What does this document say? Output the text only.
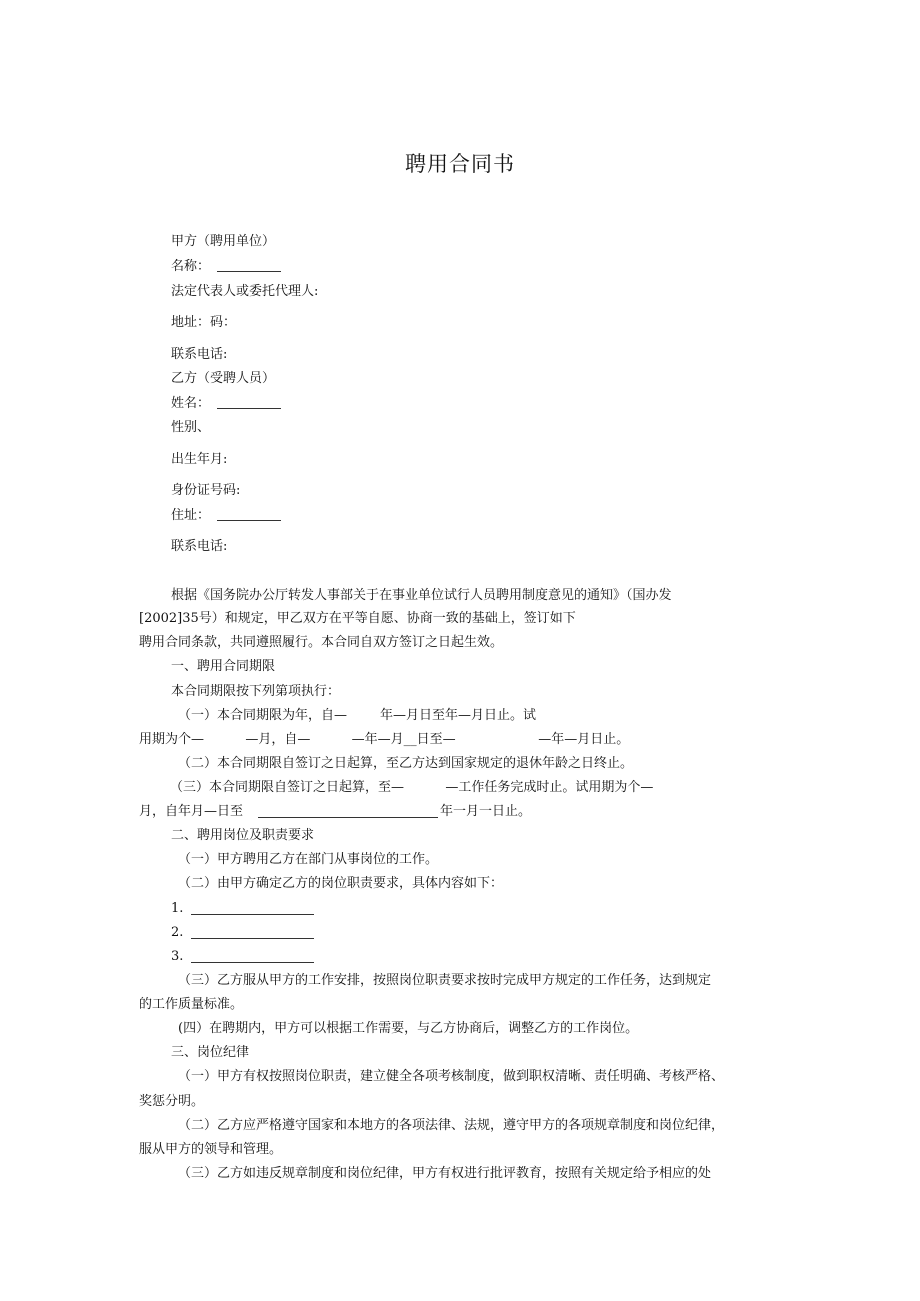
聘用合同书
甲方（聘用单位）
名称：
法定代表人或委托代理人:
地址：码：
联系电话:
乙方（受聘人员）
姓名：
性别、
出生年月:
身份证号码:
住址：
联系电话:
根据《国务院办公厅转发人事部关于在事业单位试行人员聘用制度意见的通知》（国办发
[2002]35号）和规定，甲乙双方在平等自愿、协商一致的基础上，签订如下
聘用合同条款，共同遵照履行。本合同自双方签订之日起生效。
一、聘用合同期限
本合同期限按下列第项执行：
（一）本合同期限为年，自—        年—月日至年—月日止。试
用期为个—          —月，自—          —年—月__日至—                    —年—月日止。
（二）本合同期限自签订之日起算，至乙方达到国家规定的退休年龄之日终止。
（三）本合同期限自签订之日起算，至—          —工作任务完成时止。试用期为个—
月，自年月—日至	年一月一日止。
二、聘用岗位及职责要求
（一）甲方聘用乙方在部门从事岗位的工作。
（二）由甲方确定乙方的岗位职责要求，具体内容如下：
1.
2.
3.
（三）乙方服从甲方的工作安排，按照岗位职责要求按时完成甲方规定的工作任务，达到规定
的工作质量标准。
(四）在聘期内，甲方可以根据工作需要，与乙方协商后，调整乙方的工作岗位。
三、岗位纪律
（一）甲方有权按照岗位职责，建立健全各项考核制度，做到职权清晰、责任明确、考核严格、
奖惩分明。
（二）乙方应严格遵守国家和本地方的各项法律、法规，遵守甲方的各项规章制度和岗位纪律，
服从甲方的领导和管理。
（三）乙方如违反规章制度和岗位纪律，甲方有权进行批评教育，按照有关规定给予相应的处
